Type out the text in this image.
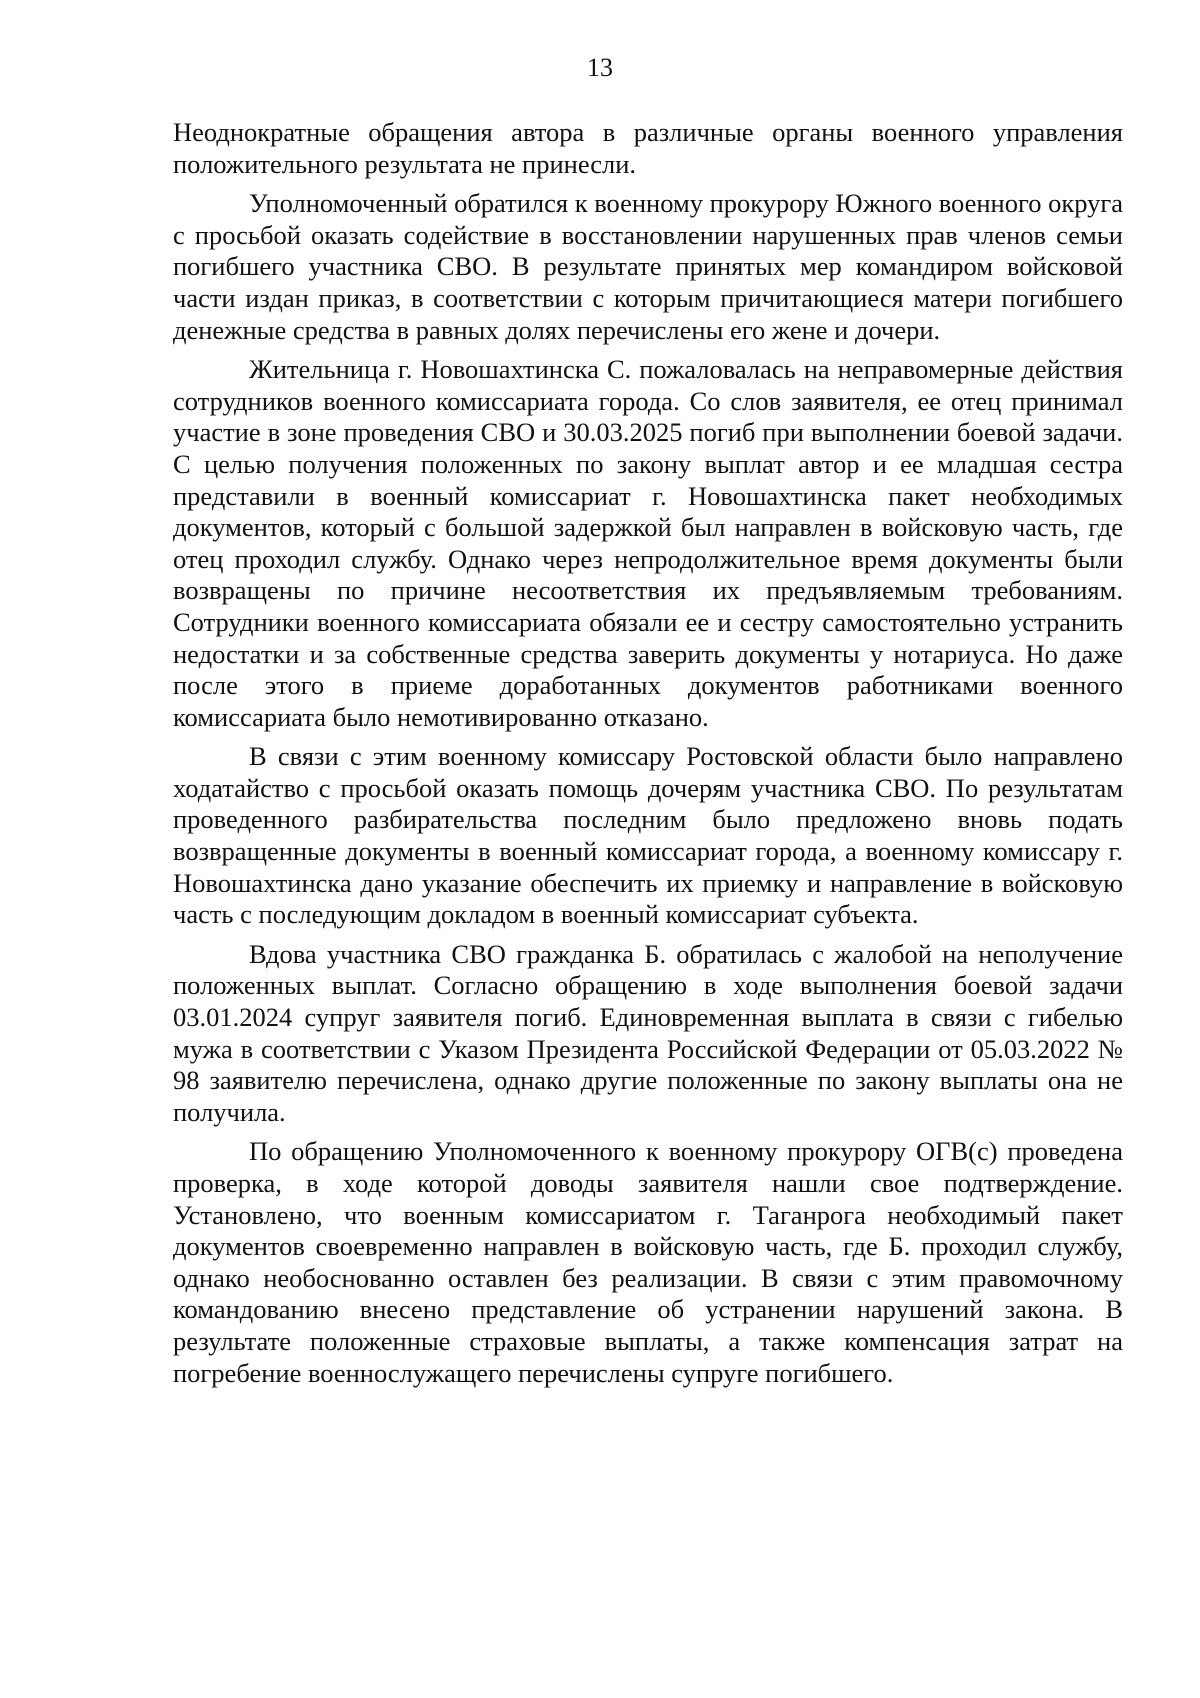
13

Неоднократные обращения автора в различные органы военного управления положительного результата не принесли.

Уполномоченный обратился к военному прокурору Южного военного округа с просьбой оказать содействие в восстановлении нарушенных прав членов семьи погибшего участника СВО. В результате принятых мер командиром войсковой части издан приказ, в соответствии с которым причитающиеся матери погибшего денежные средства в равных долях перечислены его жене и дочери.

Жительница г. Новошахтинска С. пожаловалась на неправомерные действия сотрудников военного комиссариата города. Со слов заявителя, ее отец принимал участие в зоне проведения СВО и 30.03.2025 погиб при выполнении боевой задачи. С целью получения положенных по закону выплат автор и ее младшая сестра представили в военный комиссариат г. Новошахтинска пакет необходимых документов, который с большой задержкой был направлен в войсковую часть, где отец проходил службу. Однако через непродолжительное время документы были возвращены по причине несоответствия их предъявляемым требованиям. Сотрудники военного комиссариата обязали ее и сестру самостоятельно устранить недостатки и за собственные средства заверить документы у нотариуса. Но даже после этого в приеме доработанных документов работниками военного комиссариата было немотивированно отказано.

В связи с этим военному комиссару Ростовской области было направлено ходатайство с просьбой оказать помощь дочерям участника СВО. По результатам проведенного разбирательства последним было предложено вновь подать возвращенные документы в военный комиссариат города, а военному комиссару г. Новошахтинска дано указание обеспечить их приемку и направление в войсковую часть с последующим докладом в военный комиссариат субъекта.

Вдова участника СВО гражданка Б. обратилась с жалобой на неполучение положенных выплат. Согласно обращению в ходе выполнения боевой задачи 03.01.2024 супруг заявителя погиб. Единовременная выплата в связи с гибелью мужа в соответствии с Указом Президента Российской Федерации от 05.03.2022 № 98 заявителю перечислена, однако другие положенные по закону выплаты она не получила.

По обращению Уполномоченного к военному прокурору ОГВ(с) проведена проверка, в ходе которой доводы заявителя нашли свое подтверждение. Установлено, что военным комиссариатом г. Таганрога необходимый пакет документов своевременно направлен в войсковую часть, где Б. проходил службу, однако необоснованно оставлен без реализации. В связи с этим правомочному командованию внесено представление об устранении нарушений закона. В результате положенные страховые выплаты, а также компенсация затрат на погребение военнослужащего перечислены супруге погибшего.
